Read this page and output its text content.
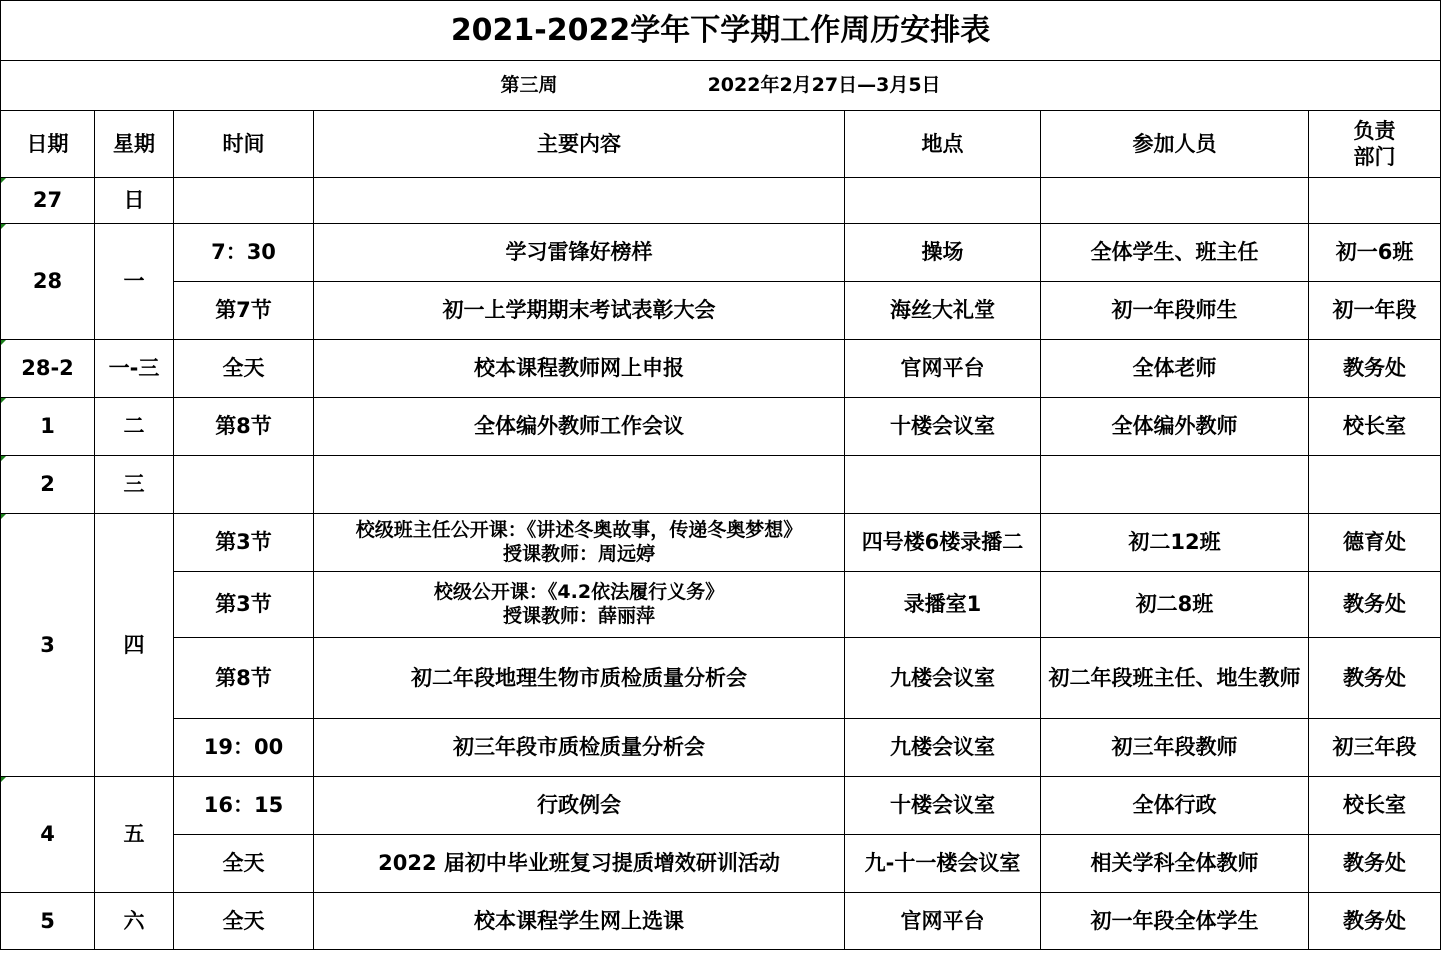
2021-2022学年下学期工作周历安排表						
第三周 2022年2月27日—3月5日						
日期	星期	时间	主要内容	地点	参加人员	负责
部门
27	日					
28	一	7：30	学习雷锋好榜样	操场	全体学生、班主任	初一6班
		第7节	初一上学期期末考试表彰大会	海丝大礼堂	初一年段师生	初一年段
28-2	一-三	全天	校本课程教师网上申报	官网平台	全体老师	教务处
1	二	第8节	全体编外教师工作会议	十楼会议室	全体编外教师	校长室
2	三					
3	四	第3节	校级班主任公开课：《讲述冬奥故事，传递冬奥梦想》
授课教师：周远婷	四号楼6楼录播二	初二12班	德育处
		第3节	校级公开课：《4.2依法履行义务》
授课教师：薛丽萍	录播室1	初二8班	教务处
		第8节	初二年段地理生物市质检质量分析会	九楼会议室	初二年段班主任、地生教师	教务处
		19：00	初三年段市质检质量分析会	九楼会议室	初三年段教师	初三年段
4	五	16：15	行政例会	十楼会议室	全体行政	校长室
		全天	2022 届初中毕业班复习提质增效研训活动	九-十一楼会议室	相关学科全体教师	教务处
5	六	全天	校本课程学生网上选课	官网平台	初一年段全体学生	教务处
